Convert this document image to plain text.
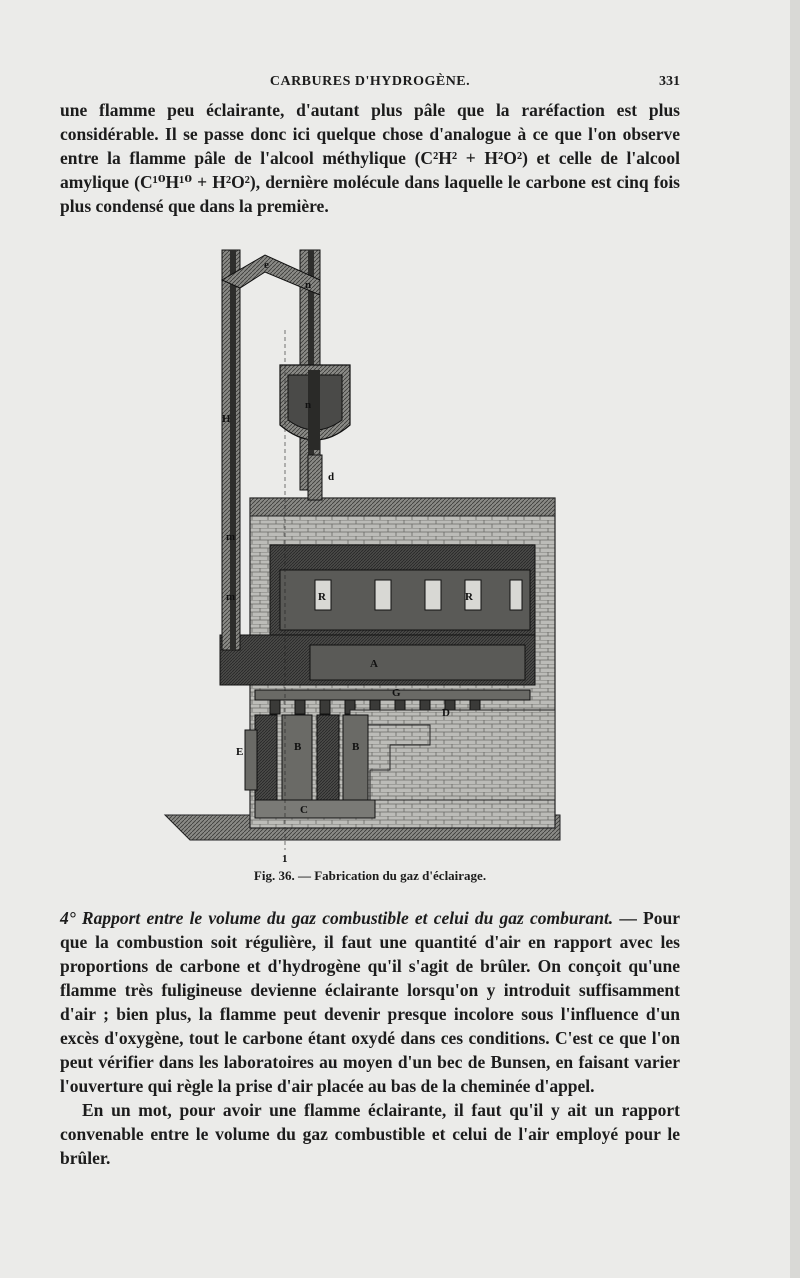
CARBURES D'HYDROGÈNE.	331

une flamme peu éclairante, d'autant plus pâle que la raréfaction est plus considérable. Il se passe donc ici quelque chose d'analogue à ce que l'on observe entre la flamme pâle de l'alcool méthylique (C²H² + H²O²) et celle de l'alcool amylique (C¹⁰H¹⁰ + H²O²), dernière molécule dans laquelle le carbone est cinq fois plus condensé que dans la première.

e
n
n
H
d
m
m	R	R
A
G
D
E	B	B
C
1
Fig. 36. — Fabrication du gaz d'éclairage.

4° Rapport entre le volume du gaz combustible et celui du gaz comburant. — Pour que la combustion soit régulière, il faut une quantité d'air en rapport avec les proportions de carbone et d'hydrogène qu'il s'agit de brûler. On conçoit qu'une flamme très fuligineuse devienne éclairante lorsqu'on y introduit suffisamment d'air ; bien plus, la flamme peut devenir presque incolore sous l'influence d'un excès d'oxygène, tout le carbone étant oxydé dans ces conditions. C'est ce que l'on peut vérifier dans les laboratoires au moyen d'un bec de Bunsen, en faisant varier l'ouverture qui règle la prise d'air placée au bas de la cheminée d'appel.

En un mot, pour avoir une flamme éclairante, il faut qu'il y ait un rapport convenable entre le volume du gaz combustible et celui de l'air employé pour le brûler.
